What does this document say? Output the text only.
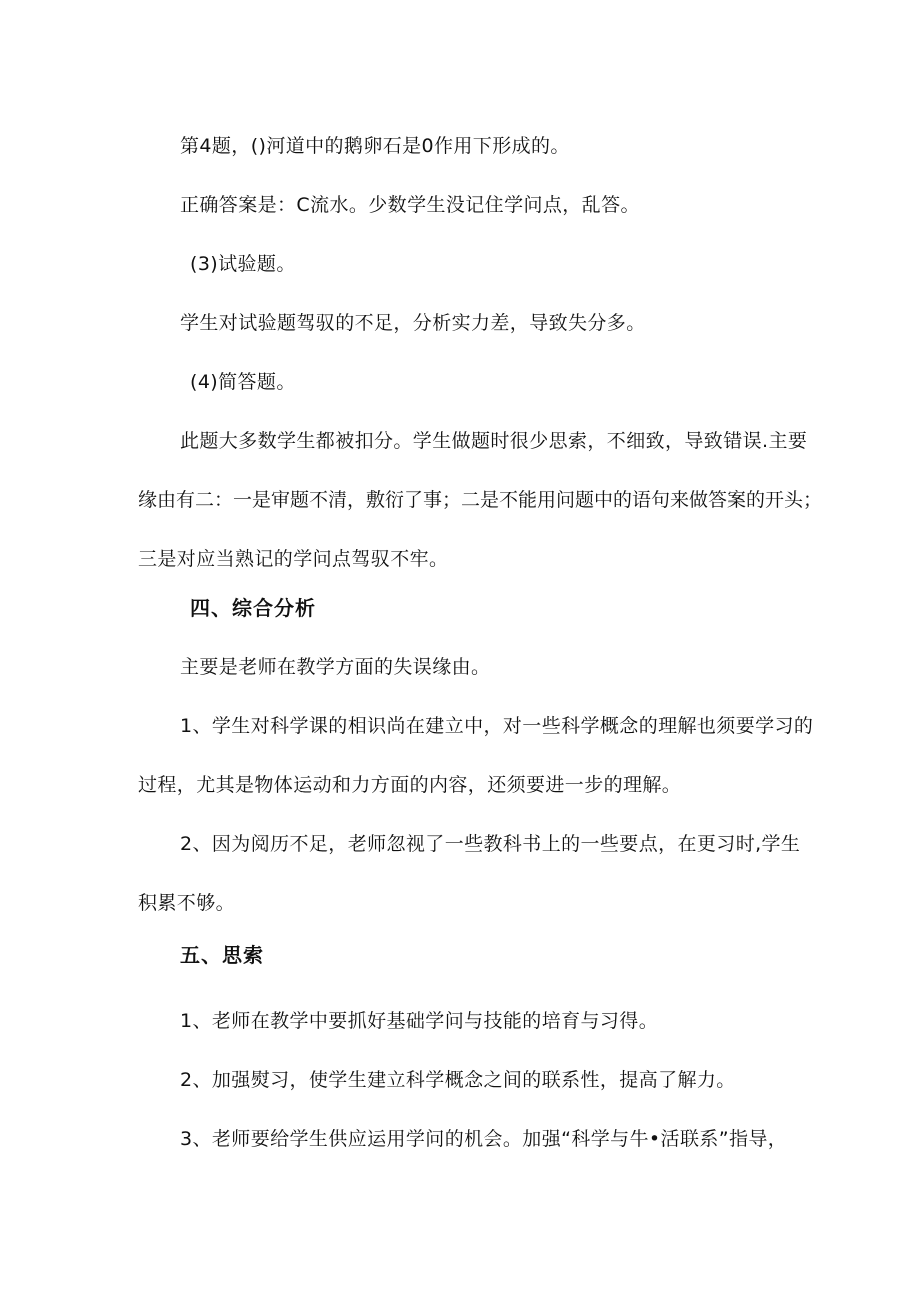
第4题，()河道中的鹅卵石是0作用下形成的。
正确答案是：C流水。少数学生没记住学问点，乱答。
(3)试验题。
学生对试验题驾驭的不足，分析实力差，导致失分多。
(4)简答题。
此题大多数学生都被扣分。学生做题时很少思索，不细致，导致错误.主要
缘由有二：一是审题不清，敷衍了事；二是不能用问题中的语句来做答案的开头；
三是对应当熟记的学问点驾驭不牢。
四、综合分析
主要是老师在教学方面的失误缘由。
1、学生对科学课的相识尚在建立中，对一些科学概念的理解也须要学习的
过程，尤其是物体运动和力方面的内容，还须要进一步的理解。
2、因为阅历不足，老师忽视了一些教科书上的一些要点，在更习时,学生
积累不够。
五、思索
1、老师在教学中要抓好基础学问与技能的培育与习得。
2、加强熨习，使学生建立科学概念之间的联系性，提高了解力。
3、老师要给学生供应运用学问的机会。加强“科学与牛•活联系”指导，
